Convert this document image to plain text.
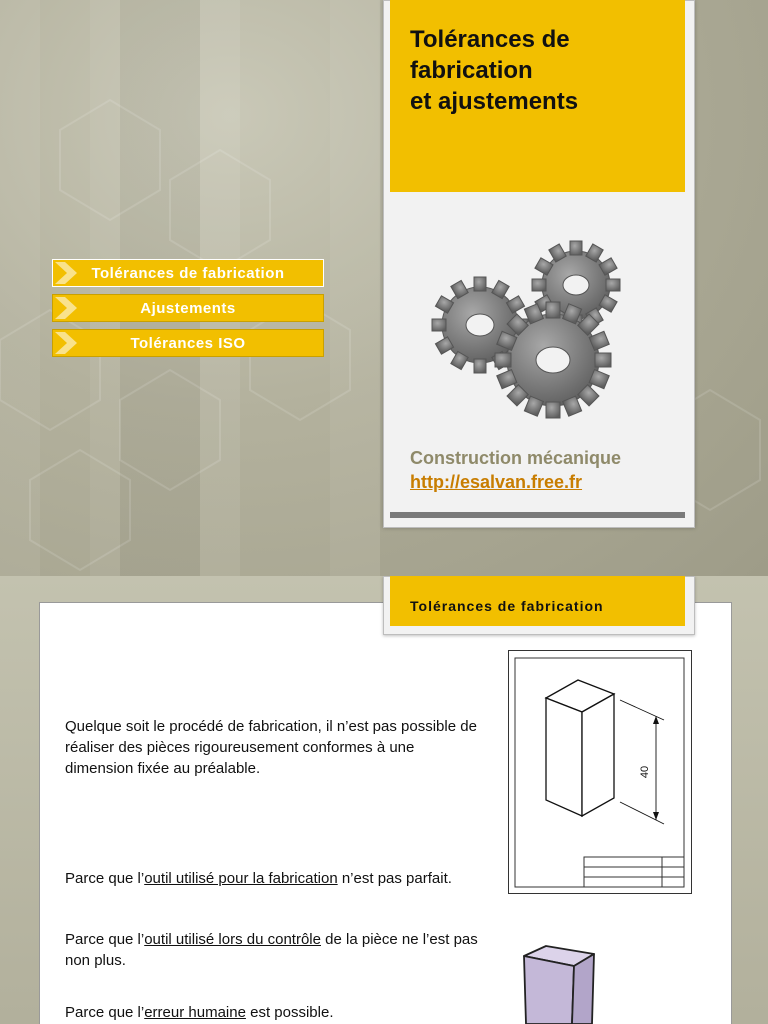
Tolérances de fabrication
Ajustements
Tolérances ISO
Tolérances de
fabrication
et ajustements
Construction mécanique
http://esalvan.free.fr
Tolérances de fabrication
Quelque soit le procédé de fabrication, il n’est pas possible de réaliser des pièces rigoureusement conformes à une dimension fixée au préalable.
Parce que l’outil utilisé pour la fabrication n’est pas parfait.
Parce que l’outil utilisé lors du contrôle de la pièce ne l’est pas non plus.
Parce que l’erreur humaine est possible.
40
